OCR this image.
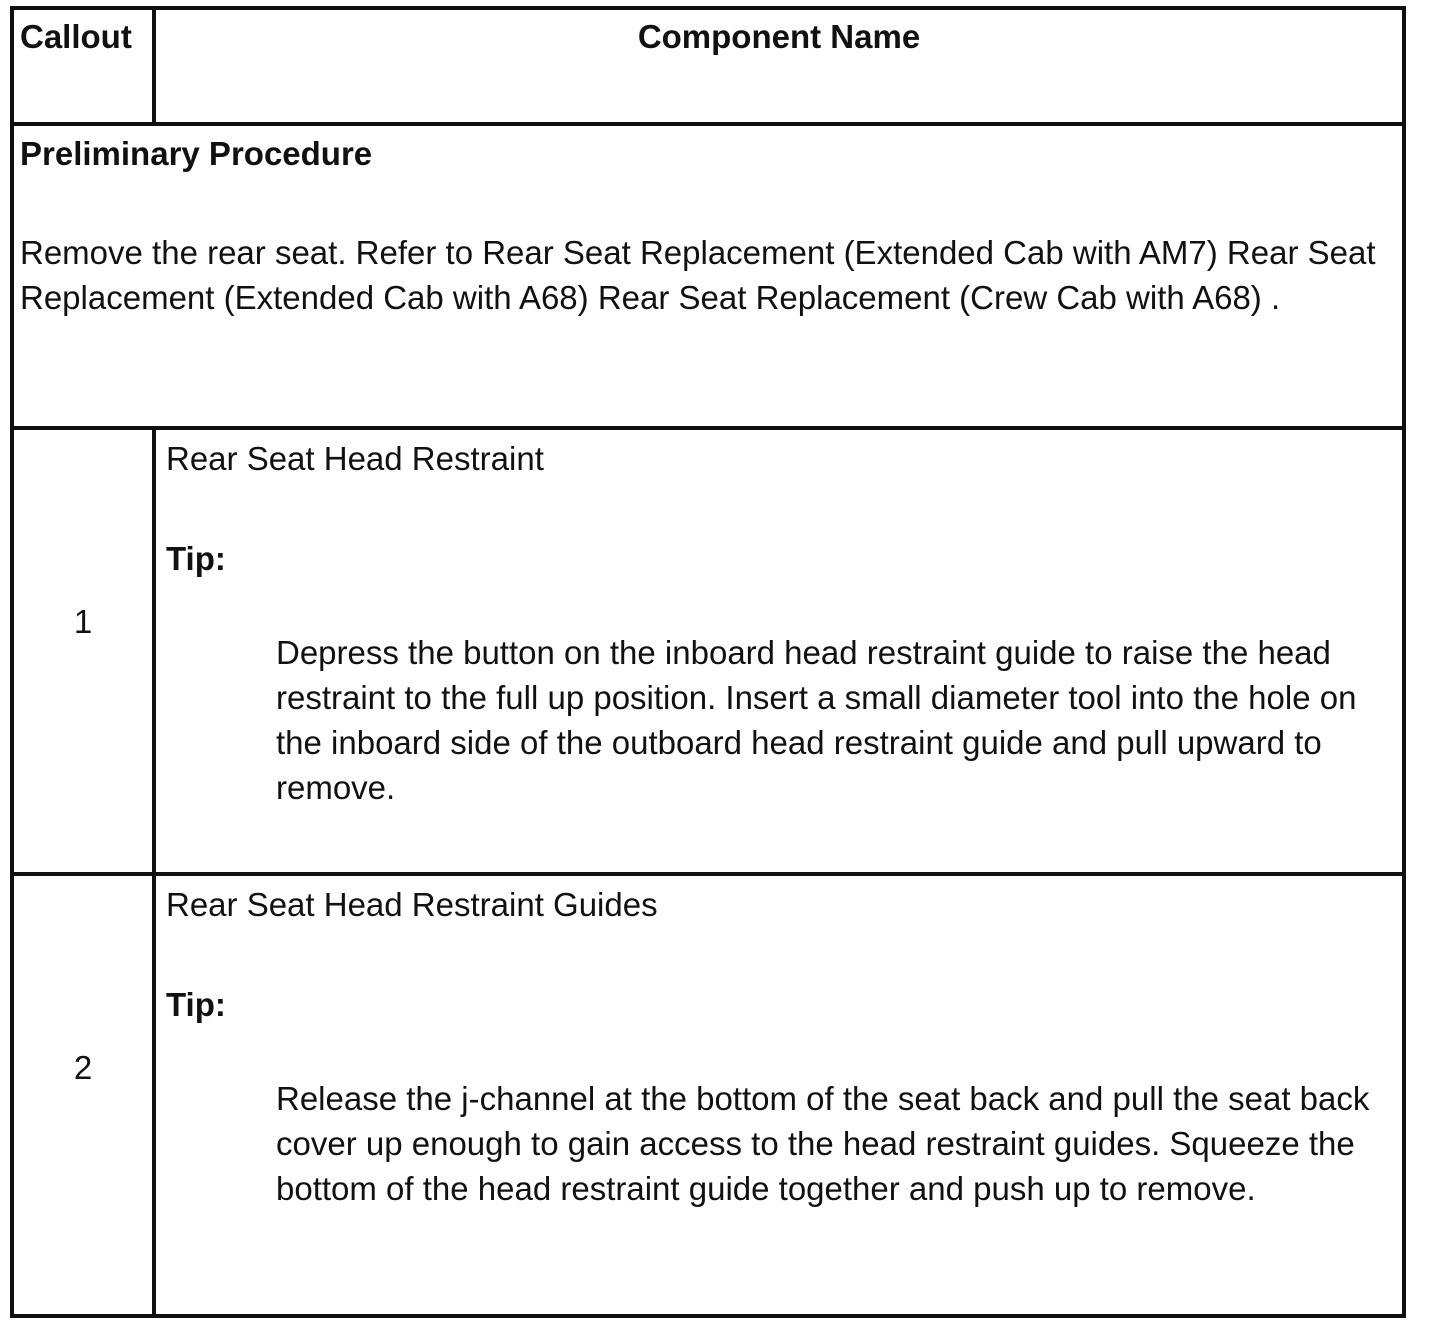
Callout	Component Name
Preliminary Procedure
Remove the rear seat. Refer to Rear Seat Replacement (Extended Cab with AM7) Rear Seat Replacement (Extended Cab with A68) Rear Seat Replacement (Crew Cab with A68) .
1
Rear Seat Head Restraint
Tip:
Depress the button on the inboard head restraint guide to raise the head restraint to the full up position. Insert a small diameter tool into the hole on the inboard side of the outboard head restraint guide and pull upward to remove.
2
Rear Seat Head Restraint Guides
Tip:
Release the j-channel at the bottom of the seat back and pull the seat back cover up enough to gain access to the head restraint guides. Squeeze the bottom of the head restraint guide together and push up to remove.
